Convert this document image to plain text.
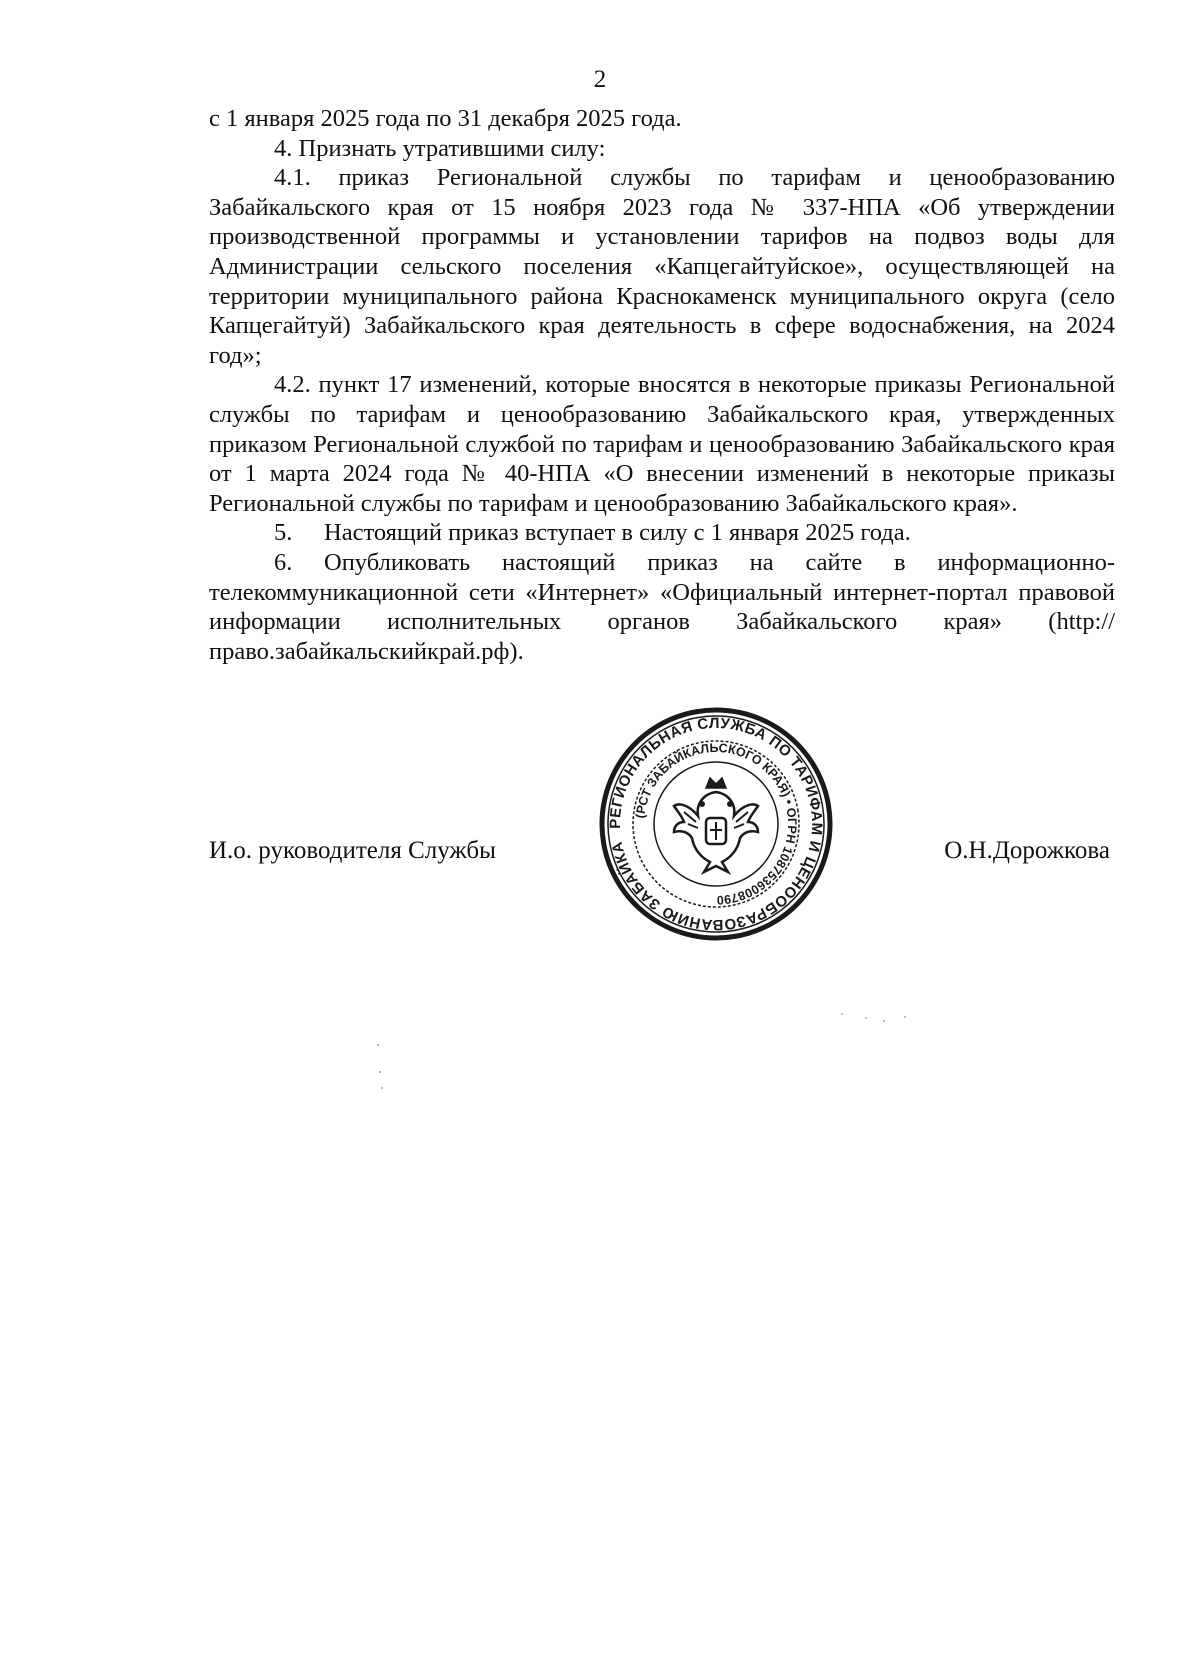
2

с 1 января 2025 года по 31 декабря 2025 года.

4. Признать утратившими силу:

4.1. приказ Региональной службы по тарифам и ценообразованию Забайкальского края от 15 ноября 2023 года № 337-НПА «Об утверждении производственной программы и установлении тарифов на подвоз воды для Администрации сельского поселения «Капцегайтуйское», осуществляющей на территории муниципального района Краснокаменск муниципального округа (село Капцегайтуй) Забайкальского края деятельность в сфере водоснабжения, на 2024 год»;

4.2. пункт 17 изменений, которые вносятся в некоторые приказы Региональной службы по тарифам и ценообразованию Забайкальского края, утвержденных приказом Региональной службой по тарифам и ценообразованию Забайкальского края от 1 марта 2024 года № 40-НПА «О внесении изменений в некоторые приказы Региональной службы по тарифам и ценообразованию Забайкальского края».

5. Настоящий приказ вступает в силу с 1 января 2025 года.

6. Опубликовать настоящий приказ на сайте в информационно-телекоммуникационной сети «Интернет» «Официальный интернет-портал правовой информации исполнительных органов Забайкальского края» (http://право.забайкальскийкрай.рф).

И.о. руководителя Службы	О.Н.Дорожкова
РЕГИОНАЛЬНАЯ СЛУЖБА ПО ТАРИФАМ И ЦЕНООБРАЗОВАНИЮ ЗАБАЙКАЛЬСКОГО
(РСТ ЗАБАЙКАЛЬСКОГО КРАЯ) • ОГРН 1087536008790
